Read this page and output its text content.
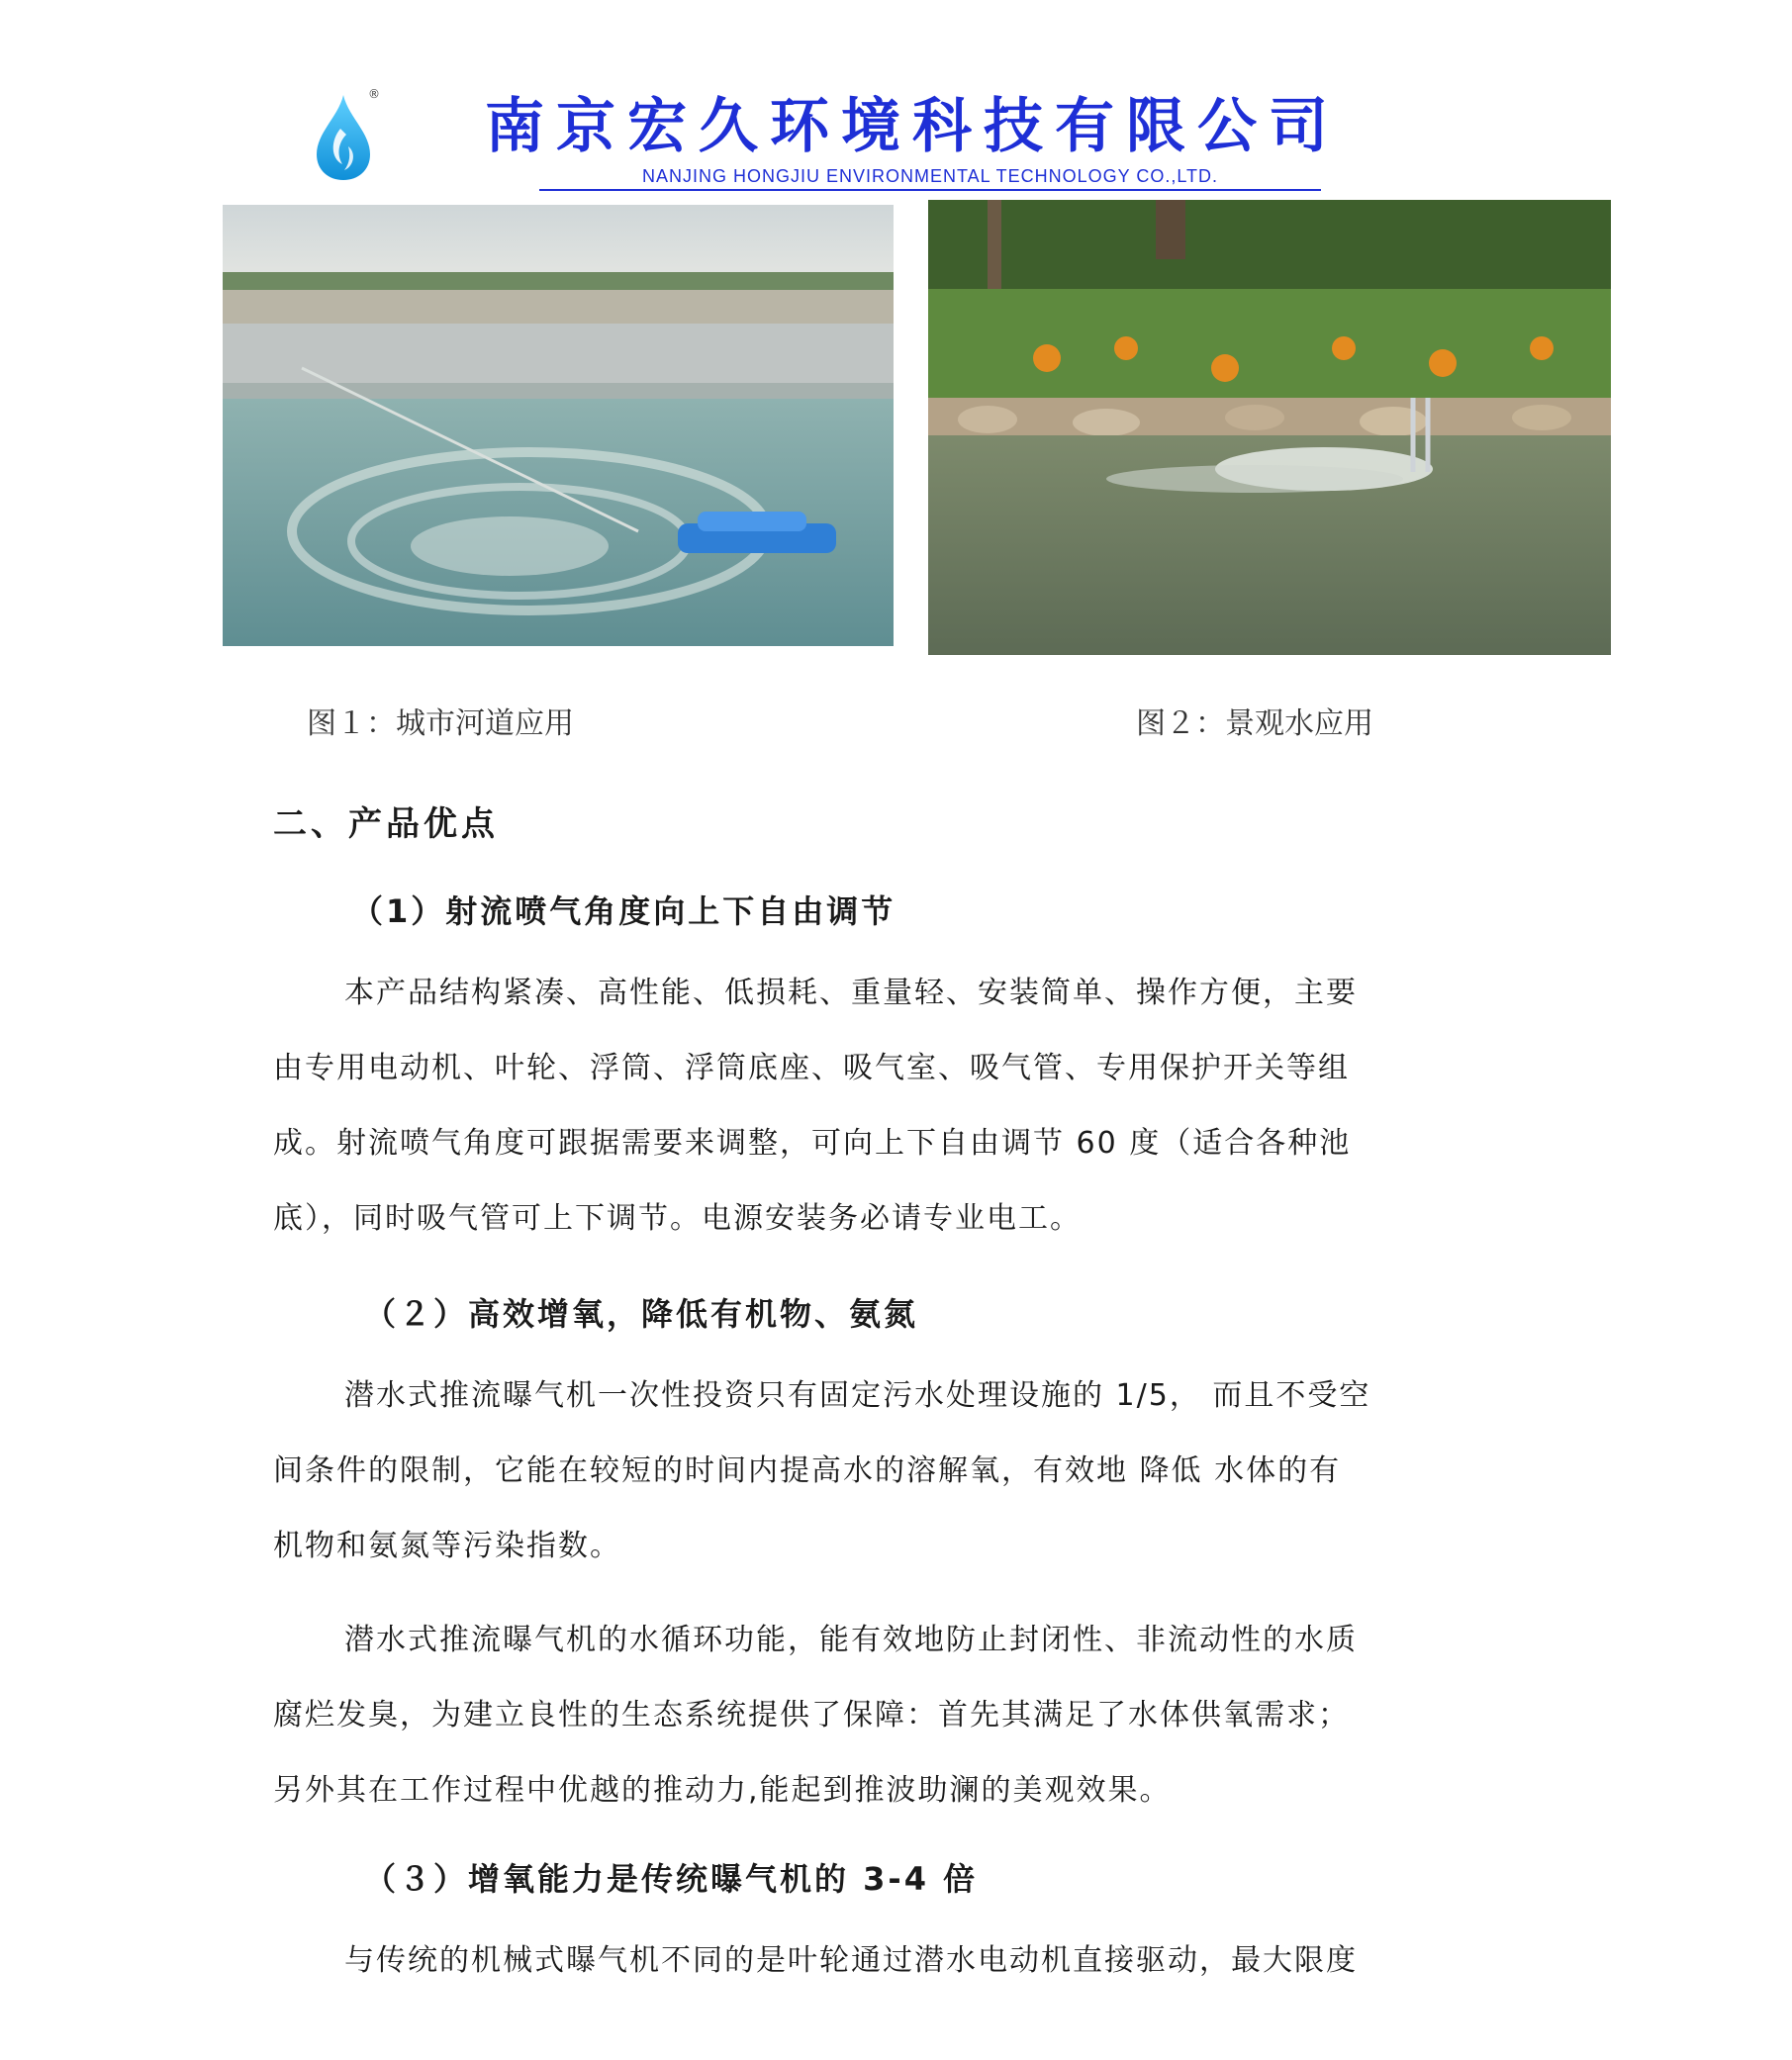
® 南京宏久环境科技有限公司
NANJING HONGJIU ENVIRONMENTAL TECHNOLOGY CO.,LTD.
图１：城市河道应用	图２：景观水应用
二、产品优点
（1）射流喷气角度向上下自由调节
本产品结构紧凑、高性能、低损耗、重量轻、安装简单、操作方便，主要
由专用电动机、叶轮、浮筒、浮筒底座、吸气室、吸气管、专用保护开关等组
成。射流喷气角度可跟据需要来调整，可向上下自由调节 60 度（适合各种池
底），同时吸气管可上下调节。电源安装务必请专业电工。
（２）高效增氧，降低有机物、氨氮
潜水式推流曝气机一次性投资只有固定污水处理设施的 1/5， 而且不受空
间条件的限制，它能在较短的时间内提高水的溶解氧，有效地 降低 水体的有
机物和氨氮等污染指数。
潜水式推流曝气机的水循环功能，能有效地防止封闭性、非流动性的水质
腐烂发臭，为建立良性的生态系统提供了保障：首先其满足了水体供氧需求；
另外其在工作过程中优越的推动力,能起到推波助澜的美观效果。
（３）增氧能力是传统曝气机的 3-4 倍
与传统的机械式曝气机不同的是叶轮通过潜水电动机直接驱动，最大限度
